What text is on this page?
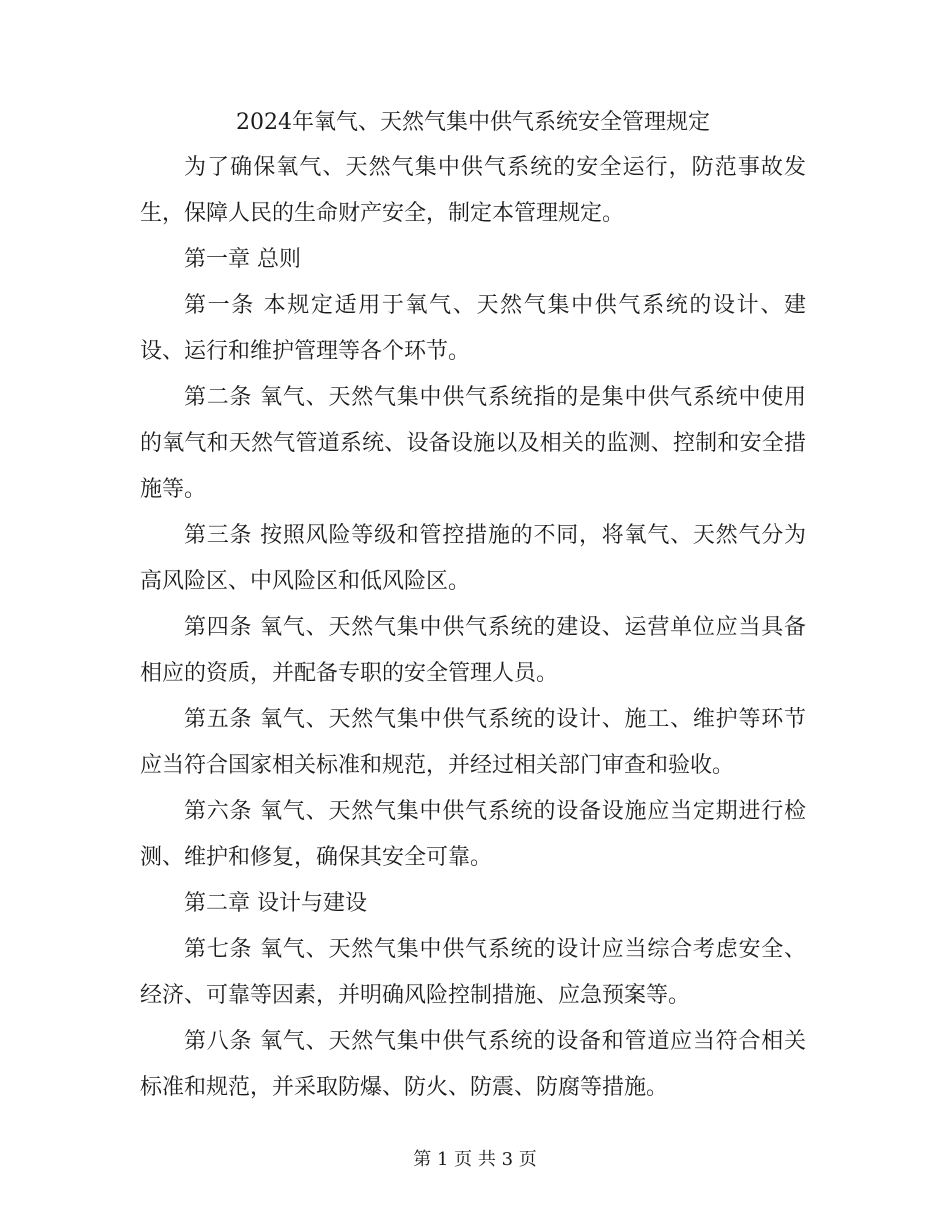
2024年氧气、天然气集中供气系统安全管理规定

为了确保氧气、天然气集中供气系统的安全运行，防范事故发生，保障人民的生命财产安全，制定本管理规定。

第一章 总则

第一条 本规定适用于氧气、天然气集中供气系统的设计、建设、运行和维护管理等各个环节。

第二条 氧气、天然气集中供气系统指的是集中供气系统中使用的氧气和天然气管道系统、设备设施以及相关的监测、控制和安全措施等。

第三条 按照风险等级和管控措施的不同，将氧气、天然气分为高风险区、中风险区和低风险区。

第四条 氧气、天然气集中供气系统的建设、运营单位应当具备相应的资质，并配备专职的安全管理人员。

第五条 氧气、天然气集中供气系统的设计、施工、维护等环节应当符合国家相关标准和规范，并经过相关部门审查和验收。

第六条 氧气、天然气集中供气系统的设备设施应当定期进行检测、维护和修复，确保其安全可靠。

第二章 设计与建设

第七条 氧气、天然气集中供气系统的设计应当综合考虑安全、经济、可靠等因素，并明确风险控制措施、应急预案等。

第八条 氧气、天然气集中供气系统的设备和管道应当符合相关标准和规范，并采取防爆、防火、防震、防腐等措施。

第 1 页 共 3 页
